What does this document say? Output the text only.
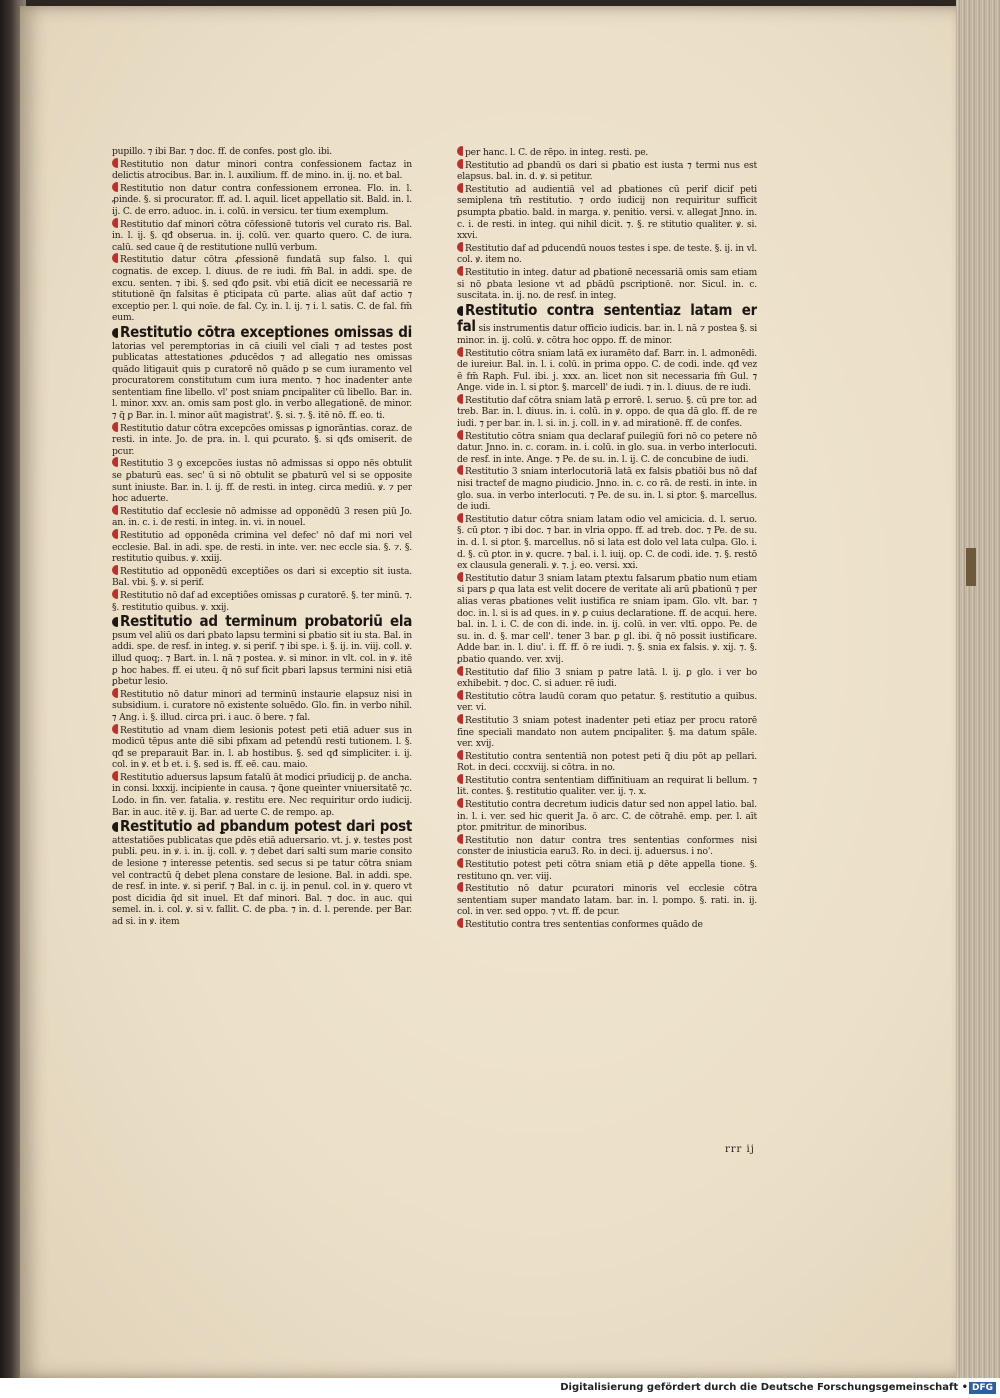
pupillo. ⁊ ibi Bar. ⁊ doc. ff. de confes. post glo. ibi.

Restitutio non datur minori contra confessionem factaz in delictis atrocibus. Bar. in. l. auxilium. ff. de mino. in. ij. no. et bal.

Restitutio non datur contra confessionem erronea. Flo. in. l. ꝓinde. §. si procurator. ff. ad. l. aquil. licet appellatio sit. Bald. in. l. ij. C. de erro. aduoc. in. i. colū. in versicu. ter tium exemplum.

Restitutio daf minori cōtra cōfessionē tutoris vel curato ris. Bal. in. l. ij. §. qđ obserua. in. ij. colū. ver. quarto quero. C. de iura. calū. sed caue q̃ de restitutione nullū verbum.

Restitutio datur cōtra ꝓfessionē fundatā sup falso. l. qui cognatis. de excep. l. diuus. de re iudi. fm̄ Bal. in addi. spe. de excu. senten. ⁊ ibi. §. sed qđo ꝑsit. vbi etiā dicit ee necessariā re stitutionē q̃n falsitas ē ꝑticipata cū parte. alias aūt daf actio ⁊ exceptio per. l. qui noīe. de fal. Cy. in. l. ij. ⁊ i. l. satis. C. de fal. fm̄ eum.

Restitutio cōtra exceptiones omissas di latorias vel peremptorias in cā ciuili vel cīali ⁊ ad testes post publicatas attestationes ꝓducēdos ⁊ ad allegatio nes omissas quādo litigauit quis p curatorē nō quādo p se cum iuramento vel procuratorem constitutum cum iura mento. ⁊ hoc inadenter ante sententiam fine libello. vl' post sniam ꝑncipaliter cū libello. Bar. in. l. minor. xxv. an. omis sam post glo. in verbo allegationē. de minor. ⁊ q̃ ꝑ Bar. in. l. minor aūt magistrat'. §. si. ⁊. §. itē nō. ff. eo. ti.

Restitutio datur cōtra excepcōes omissas ꝑ ignorāntias. coraz. de resti. in inte. Jo. de pra. in. l. qui ꝑcurato. §. si qđs omiserit. de pcur.

Restitutio 3 ꝯ excepcōes iustas nō admissas si oppo nēs obtulit se ꝑbaturū eas. sec' ū si nō obtulit se ꝑbaturū vel si se opposite sunt iniuste. Bar. in. l. ij. ff. de resti. in integ. circa mediū. ꝟ. ⁊ per hoc aduerte.

Restitutio daf ecclesie nō admisse ad opponēdū 3 resen piū Jo. an. in. c. i. de resti. in integ. in. vi. in nouel.

Restitutio ad opponēda crimina vel defec' nō daf mi nori vel ecclesie. Bal. in adi. spe. de resti. in inte. ver. nec eccle sia. §. ⁊. §. restitutio quibus. ꝟ. xxiij.

Restitutio ad opponēdū exceptiões os dari si exceptio sit iusta. Bal. vbi. §. ꝟ. si perif.

Restitutio nō daf ad exceptiões omissas ꝑ curatorē. §. ter minū. ⁊. §. restitutio quibus. ꝟ. xxij.

Restitutio ad terminum probatoriū ela psum vel aliū os dari ꝑbato lapsu termini si ꝑbatio sit iu sta. Bal. in addi. spe. de resf. in integ. ꝟ. si perif. ⁊ ibi spe. i. §. ij. in. viij. coll. ꝟ. illud quoq;. ⁊ Bart. in. l. nā ⁊ postea. ꝟ. si minor. in vlt. col. in ꝟ. itē ꝑ hoc habes. ff. ei uteu. q̃ nō suf ficit ꝑbari lapsus termini nisi etiā ꝑbetur lesio.

Restitutio nō datur minori ad terminū instaurie elapsuz nisi in subsidium. i. curatore nō existente soluēdo. Glo. fin. in verbo nihil. ⁊ Ang. i. §. illud. circa pri. i auc. ō bere. ⁊ fal.

Restitutio ad vnam diem lesionis potest peti etiā aduer sus in modicū tēpus ante diē sibi pfixam ad petendū resti tutionem. l. §. qđ se preparauit Bar. in. l. ab hostibus. §. sed qđ simpliciter. i. ij. col. in ꝟ. et ḃ et. i. §. sed is. ff. eē. cau. maio.

Restitutio aduersus lapsum fatalū āt modici prīudicij ꝑ. de ancha. in consi. lxxxij. incipiente in causa. ⁊ ꝗ̃one queinter vniuersitatē ⁊c. Lodo. in fin. ver. fatalia. ꝟ. restitu ere. Nec requiritur ordo iudicij. Bar. in auc. itē ꝟ. ij. Bar. ad uerte C. de rempo. ap.

Restitutio ad ꝑbandum potest dari post attestatiões publicatas que ꝑdēs etiā aduersario. vt. j. ꝟ. testes post publi. ꝑeu. in ꝟ. i. in. ij. coll. ꝟ. ⁊ debet dari salti sum marie consito de lesione ⁊ interesse petentis. sed secus si pe tatur cōtra sniam vel contractū q̃ debet plena constare de lesione. Bal. in addi. spe. de resf. in inte. ꝟ. si perif. ⁊ Bal. in c. ij. in penul. col. in ꝟ. quero vt post dicidia q̃d sit inuel. Et daf minori. Bal. ⁊ doc. in auc. qui semel. in. i. col. ꝟ. si v. fallit. C. de ꝑba. ⁊ in. d. l. perende. per Bar. ad si. in ꝟ. item

per hanc. l. C. de rēpo. in integ. resti. pe.

Restitutio ad ꝑbandū os dari si ꝑbatio est iusta ⁊ termi nus est elapsus. bal. in. d. ꝟ. si petitur.

Restitutio ad audientiā vel ad ꝑbationes cū perif dicif peti semiplena tm̄ restitutio. ⁊ ordo iudicij non requiritur sufficit ꝑsumpta ꝑbatio. bald. in marga. ꝟ. penitio. versi. v. allegat Jnno. in. c. i. de resti. in integ. qui nihil dicit. ⁊. §. re stitutio qualiter. ꝟ. si. xxvi.

Restitutio daf ad ꝑducendū nouos testes i spe. de teste. §. ij. in vl. col. ꝟ. item no.

Restitutio in integ. datur ad ꝑbationē necessariā omis sam etiam si nō ꝑbata lesione vt ad ꝑbādū ꝑscriptionē. nor. Sicul. in. c. suscitata. in. ij. no. de resf. in integ.

Restitutio contra sententiaz latam er fal sis instrumentis datur officio iudicis. bar. in. l. nā ⁊ postea §. si minor. in. ij. colū. ꝟ. cōtra hoc oppo. ff. de minor.

Restitutio cōtra sniam latā ex iuramēto daf. Barr. in. l. admonēdi. de iureiur. Bal. in. l. i. colū. in prima oppo. C. de codi. inde. qđ vez ē fm̄ Raph. Ful. ibi. j. xxx. an. licet non sit necessaria fm̄ Gul. ⁊ Ange. vide in. l. si ꝑtor. §. marcell' de iudi. ⁊ in. l. diuus. de re iudi.

Restitutio daf cōtra sniam latā ꝑ errorē. l. seruo. §. cū pre tor. ad treb. Bar. in. l. diuus. in. i. colū. in ꝟ. oppo. de qua dā glo. ff. de re iudi. ⁊ per bar. in. l. si. in. j. coll. in ꝟ. ad mirationē. ff. de confes.

Restitutio cōtra sniam qua declaraf ꝑuilegiū fori nō co petere nō datur. Jnno. in. c. coram. in. i. colū. in glo. sua. in verbo interlocuti. de resf. in inte. Ange. ⁊ Pe. de su. in. l. ij. C. de concubine de iudi.

Restitutio 3 sniam interlocutoriā latā ex falsis ꝑbatiōi bus nō daf nisi tractef de magno ꝑiudicio. Jnno. in. c. co rā. de resti. in inte. in glo. sua. in verbo interlocuti. ⁊ Pe. de su. in. l. si ꝑtor. §. marcellus. de iudi.

Restitutio datur cōtra sniam latam odio vel amicicia. d. l. seruo. §. cū ꝑtor. ⁊ ibi doc. ⁊ bar. in vlria oppo. ff. ad treb. doc. ⁊ Pe. de su. in. d. l. si ꝑtor. §. marcellus. nō si lata est dolo vel lata culpa. Glo. i. d. §. cū ꝑtor. in ꝟ. qucre. ⁊ bal. i. l. iuij. op. C. de codi. ide. ⁊. §. restō ex clausula generali. ꝟ. ⁊. j. eo. versi. xxi.

Restitutio datur 3 sniam latam ꝑtextu falsarum ꝑbatio num etiam si pars ꝑ qua lata est velit docere de veritate ali arū ꝑbationū ⁊ per alias veras ꝑbationes velit iustifica re sniam ipam. Glo. vlt. bar. ⁊ doc. in. l. si is ad ques. in ꝟ. ꝑ cuius declaratione. ff. de acqui. here. bal. in. l. i. C. de con di. inde. in. ij. colū. in ver. vltī. oppo. Pe. de su. in. d. §. mar cell'. tener 3 bar. ꝑ gl. ibi. q̃ nō possit iustificare. Adde bar. in. l. diu'. i. ff. ff. ō re iudi. ⁊. §. snia ex falsis. ꝟ. xij. ⁊. §. ꝑbatio quando. ver. xvij.

Restitutio daf filio 3 sniam p patre latā. l. ij. ꝑ glo. i ver bo exhibebit. ⁊ doc. C. si aduer. rē iudi.

Restitutio cōtra laudū coram quo petatur. §. restitutio a quibus. ver. vi.

Restitutio 3 sniam potest inadenter peti etiaz per procu ratorē fine speciali mandato non autem ꝑncipaliter. §. ma datum spāle. ver. xvij.

Restitutio contra sententiā non potest peti q̃̃ diu pōt ap pellari. Rot. in deci. cccxviij. si cōtra. in no.

Restitutio contra sententiam diffinitiuam an requirat li bellum. ⁊ lit. contes. §. restitutio qualiter. ver. ij. ⁊. x.

Restitutio contra decretum iudicis datur sed non appel latio. bal. in. l. i. ver. sed hic querit Ja. ō arc. C. de cōtrahē. emp. per. l. aīt ꝑtor. ꝑmitritur. de minoribus.

Restitutio non datur contra tres sententias conformes nisi conster de iniusticia earu3. Ro. in deci. ij. aduersus. i no'.

Restitutio potest peti cōtra sniam etiā ꝑ dēte appella tione. §. restituno qn. ver. viij.

Restitutio nō datur ꝑcuratori minoris vel ecclesie cōtra sententiam super mandato latam. bar. in. l. pompo. §. rati. in. ij. col. in ver. sed oppo. ⁊ vt. ff. de pcur.

Restitutio contra tres sententias conformes quādo de

rrr ij
Digitalisierung gefördert durch die Deutsche Forschungsgemeinschaft • DFG
